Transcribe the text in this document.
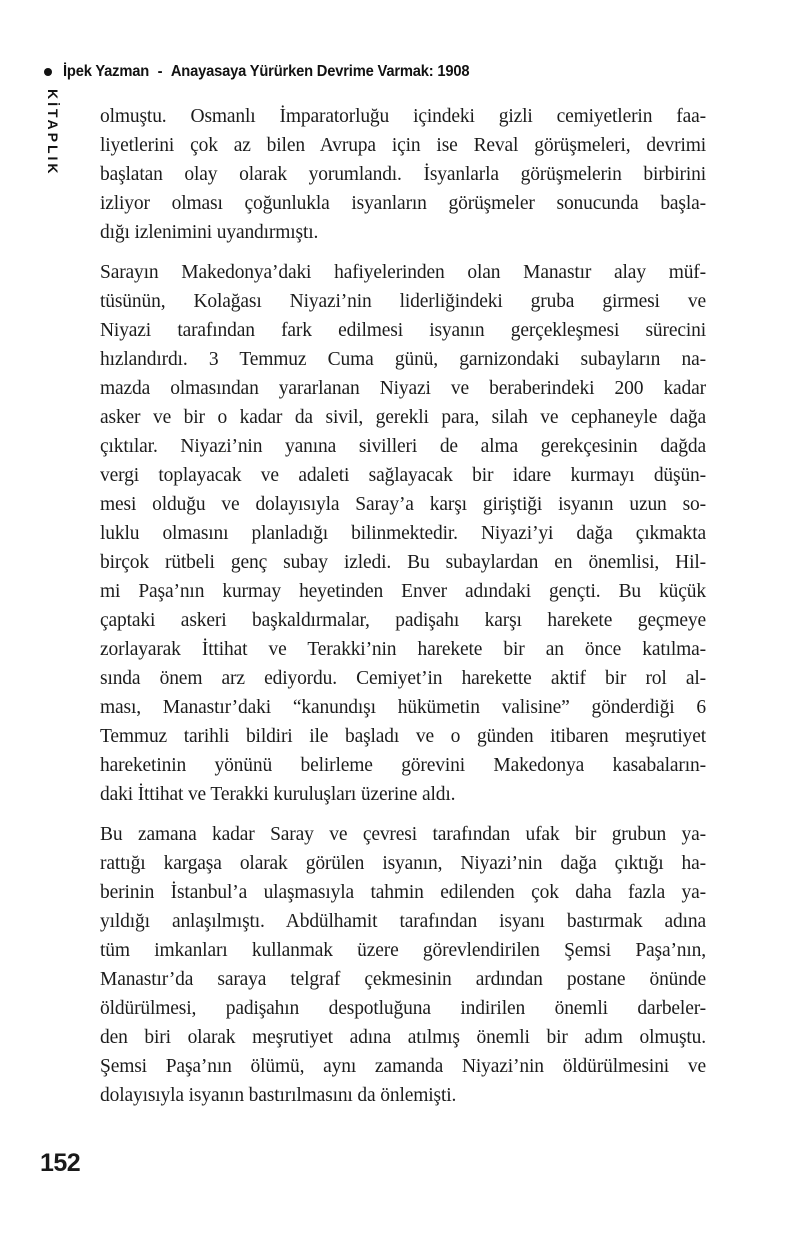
İpek Yazman - Anayasaya Yürürken Devrime Varmak: 1908
KİTAPLIK olmuştu. Osmanlı İmparatorluğu içindeki gizli cemiyetlerin faa-
liyetlerini çok az bilen Avrupa için ise Reval görüşmeleri, devrimi
başlatan olay olarak yorumlandı. İsyanlarla görüşmelerin birbirini
izliyor olması çoğunlukla isyanların görüşmeler sonucunda başla-
dığı izlenimini uyandırmıştı.
Sarayın Makedonya’daki hafiyelerinden olan Manastır alay müf-
tüsünün, Kolağası Niyazi’nin liderliğindeki gruba girmesi ve
Niyazi tarafından fark edilmesi isyanın gerçekleşmesi sürecini
hızlandırdı. 3 Temmuz Cuma günü, garnizondaki subayların na-
mazda olmasından yararlanan Niyazi ve beraberindeki 200 kadar
asker ve bir o kadar da sivil, gerekli para, silah ve cephaneyle dağa
çıktılar. Niyazi’nin yanına sivilleri de alma gerekçesinin dağda
vergi toplayacak ve adaleti sağlayacak bir idare kurmayı düşün-
mesi olduğu ve dolayısıyla Saray’a karşı giriştiği isyanın uzun so-
luklu olmasını planladığı bilinmektedir. Niyazi’yi dağa çıkmakta
birçok rütbeli genç subay izledi. Bu subaylardan en önemlisi, Hil-
mi Paşa’nın kurmay heyetinden Enver adındaki gençti. Bu küçük
çaptaki askeri başkaldırmalar, padişahı karşı harekete geçmeye
zorlayarak İttihat ve Terakki’nin harekete bir an önce katılma-
sında önem arz ediyordu. Cemiyet’in harekette aktif bir rol al-
ması, Manastır’daki “kanundışı hükümetin valisine” gönderdiği 6
Temmuz tarihli bildiri ile başladı ve o günden itibaren meşrutiyet
hareketinin yönünü belirleme görevini Makedonya kasabaların-
daki İttihat ve Terakki kuruluşları üzerine aldı.
Bu zamana kadar Saray ve çevresi tarafından ufak bir grubun ya-
rattığı kargaşa olarak görülen isyanın, Niyazi’nin dağa çıktığı ha-
berinin İstanbul’a ulaşmasıyla tahmin edilenden çok daha fazla ya-
yıldığı anlaşılmıştı. Abdülhamit tarafından isyanı bastırmak adına
tüm imkanları kullanmak üzere görevlendirilen Şemsi Paşa’nın,
Manastır’da saraya telgraf çekmesinin ardından postane önünde
öldürülmesi, padişahın despotluğuna indirilen önemli darbeler-
den biri olarak meşrutiyet adına atılmış önemli bir adım olmuştu.
Şemsi Paşa’nın ölümü, aynı zamanda Niyazi’nin öldürülmesini ve
dolayısıyla isyanın bastırılmasını da önlemişti.
152
